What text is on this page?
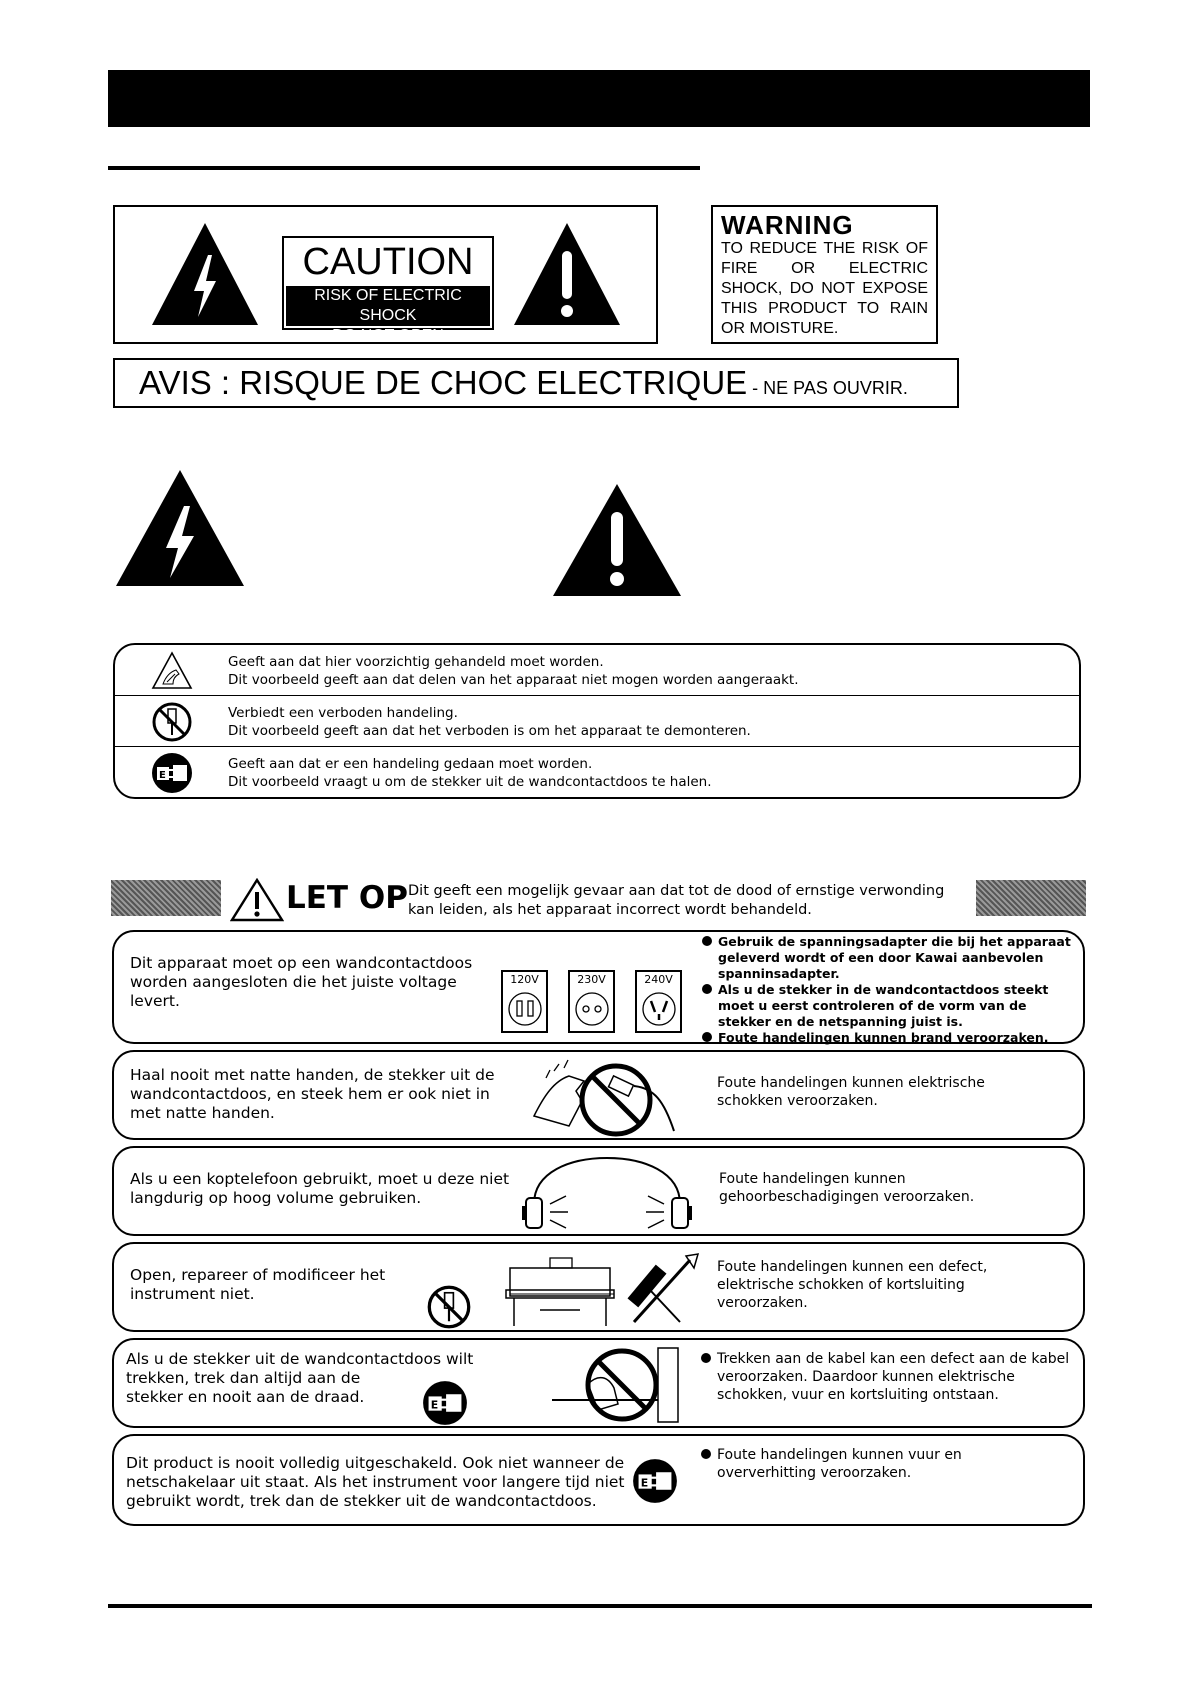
CAUTION
RISK OF ELECTRIC SHOCK
DO NOT OPEN
WARNING
TO REDUCE THE RISK OF FIRE OR ELECTRIC SHOCK, DO NOT EXPOSE THIS PRODUCT TO RAIN OR MOISTURE.
AVIS : RISQUE DE CHOC ELECTRIQUE - NE PAS OUVRIR.
Geeft aan dat hier voorzichtig gehandeld moet worden.
Dit voorbeeld geeft aan dat delen van het apparaat niet mogen worden aangeraakt.
Verbiedt een verboden handeling.
Dit voorbeeld geeft aan dat het verboden is om het apparaat te demonteren.
E
Geeft aan dat er een handeling gedaan moet worden.
Dit voorbeeld vraagt u om de stekker uit de wandcontactdoos te halen.
LET OP Dit geeft een mogelijk gevaar aan dat tot de dood of ernstige verwonding
kan leiden, als het apparaat incorrect wordt behandeld.
Dit apparaat moet op een wandcontactdoos
worden aangesloten die het juiste voltage
levert.
120V	230V	240V
Gebruik de spanningsadapter die bij het apparaat geleverd wordt of een door Kawai aanbevolen spanninsadapter.
Als u de stekker in de wandcontactdoos steekt moet u eerst controleren of de vorm van de stekker en de netspanning juist is.
Foute handelingen kunnen brand veroorzaken.
Haal nooit met natte handen, de stekker uit de
wandcontactdoos, en steek hem er ook niet in
met natte handen.
Foute handelingen kunnen elektrische
schokken veroorzaken.
Als u een koptelefoon gebruikt, moet u deze niet
langdurig op hoog volume gebruiken.
Foute handelingen kunnen
gehoorbeschadigingen veroorzaken.
Open, repareer of modificeer het
instrument niet.
Foute handelingen kunnen een defect,
elektrische schokken of kortsluiting
veroorzaken.
Als u de stekker uit de wandcontactdoos wilt
trekken, trek dan altijd aan de
stekker en nooit aan de draad.	E
Trekken aan de kabel kan een defect aan de kabel veroorzaken. Daardoor kunnen elektrische schokken, vuur en kortsluiting ontstaan.
Dit product is nooit volledig uitgeschakeld. Ook niet wanneer de
netschakelaar uit staat. Als het instrument voor langere tijd niet
gebruikt wordt, trek dan de stekker uit de wandcontactdoos.
E
Foute handelingen kunnen vuur en oververhitting veroorzaken.
